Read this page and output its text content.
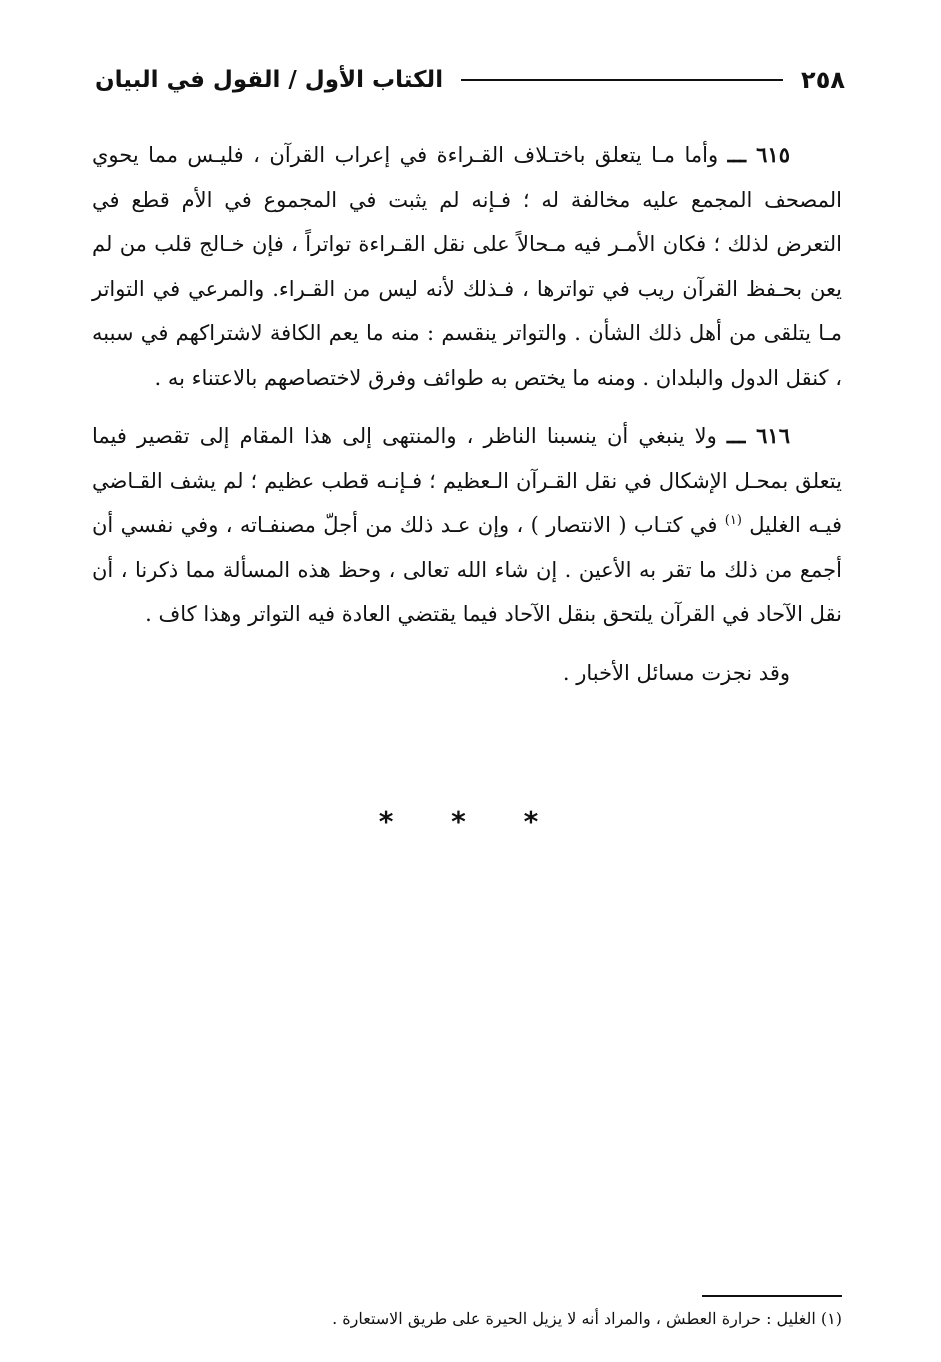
٢٥٨
الكتاب الأول / القول في البيان

٦١٥ ـــ وأما مـا يتعلق باختـلاف القـراءة في إعراب القرآن ، فليـس مما يحوي المصحف المجمع عليه مخالفة له ؛ فـإنه لم يثبت في المجموع في الأم قطع في التعرض لذلك ؛ فكان الأمـر فيه مـحالاً على نقل القـراءة تواتراً ، فإن خـالج قلب من لم يعن بحـفظ القرآن ريب في تواترها ، فـذلك لأنه ليس من القـراء. والمرعي في التواتر مـا يتلقى من أهل ذلك الشأن . والتواتر ينقسم : منه ما يعم الكافة لاشتراكهم في سببه ، كنقل الدول والبلدان . ومنه ما يختص به طوائف وفرق لاختصاصهم بالاعتناء به .

٦١٦ ـــ ولا ينبغي أن ينسبنا الناظر ، والمنتهى إلى هذا المقام إلى تقصير فيما يتعلق بمحـل الإشكال في نقل القـرآن الـعظيم ؛ فـإنـه قطب عظيم ؛ لم يشف القـاضي فيـه الغليل $^{(١)}$ في كتـاب ( الانتصار ) ، وإن عـد ذلك من أجلّ مصنفـاته ، وفي نفسي أن أجمع من ذلك ما تقر به الأعين . إن شاء الله تعالى ، وحظ هذه المسألة مما ذكرنا ، أن نقل الآحاد في القرآن يلتحق بنقل الآحاد فيما يقتضي العادة فيه التواتر وهذا كاف .

وقد نجزت مسائل الأخبار .

* * *
(١) الغليل : حرارة العطش ، والمراد أنه لا يزيل الحيرة على طريق الاستعارة .
